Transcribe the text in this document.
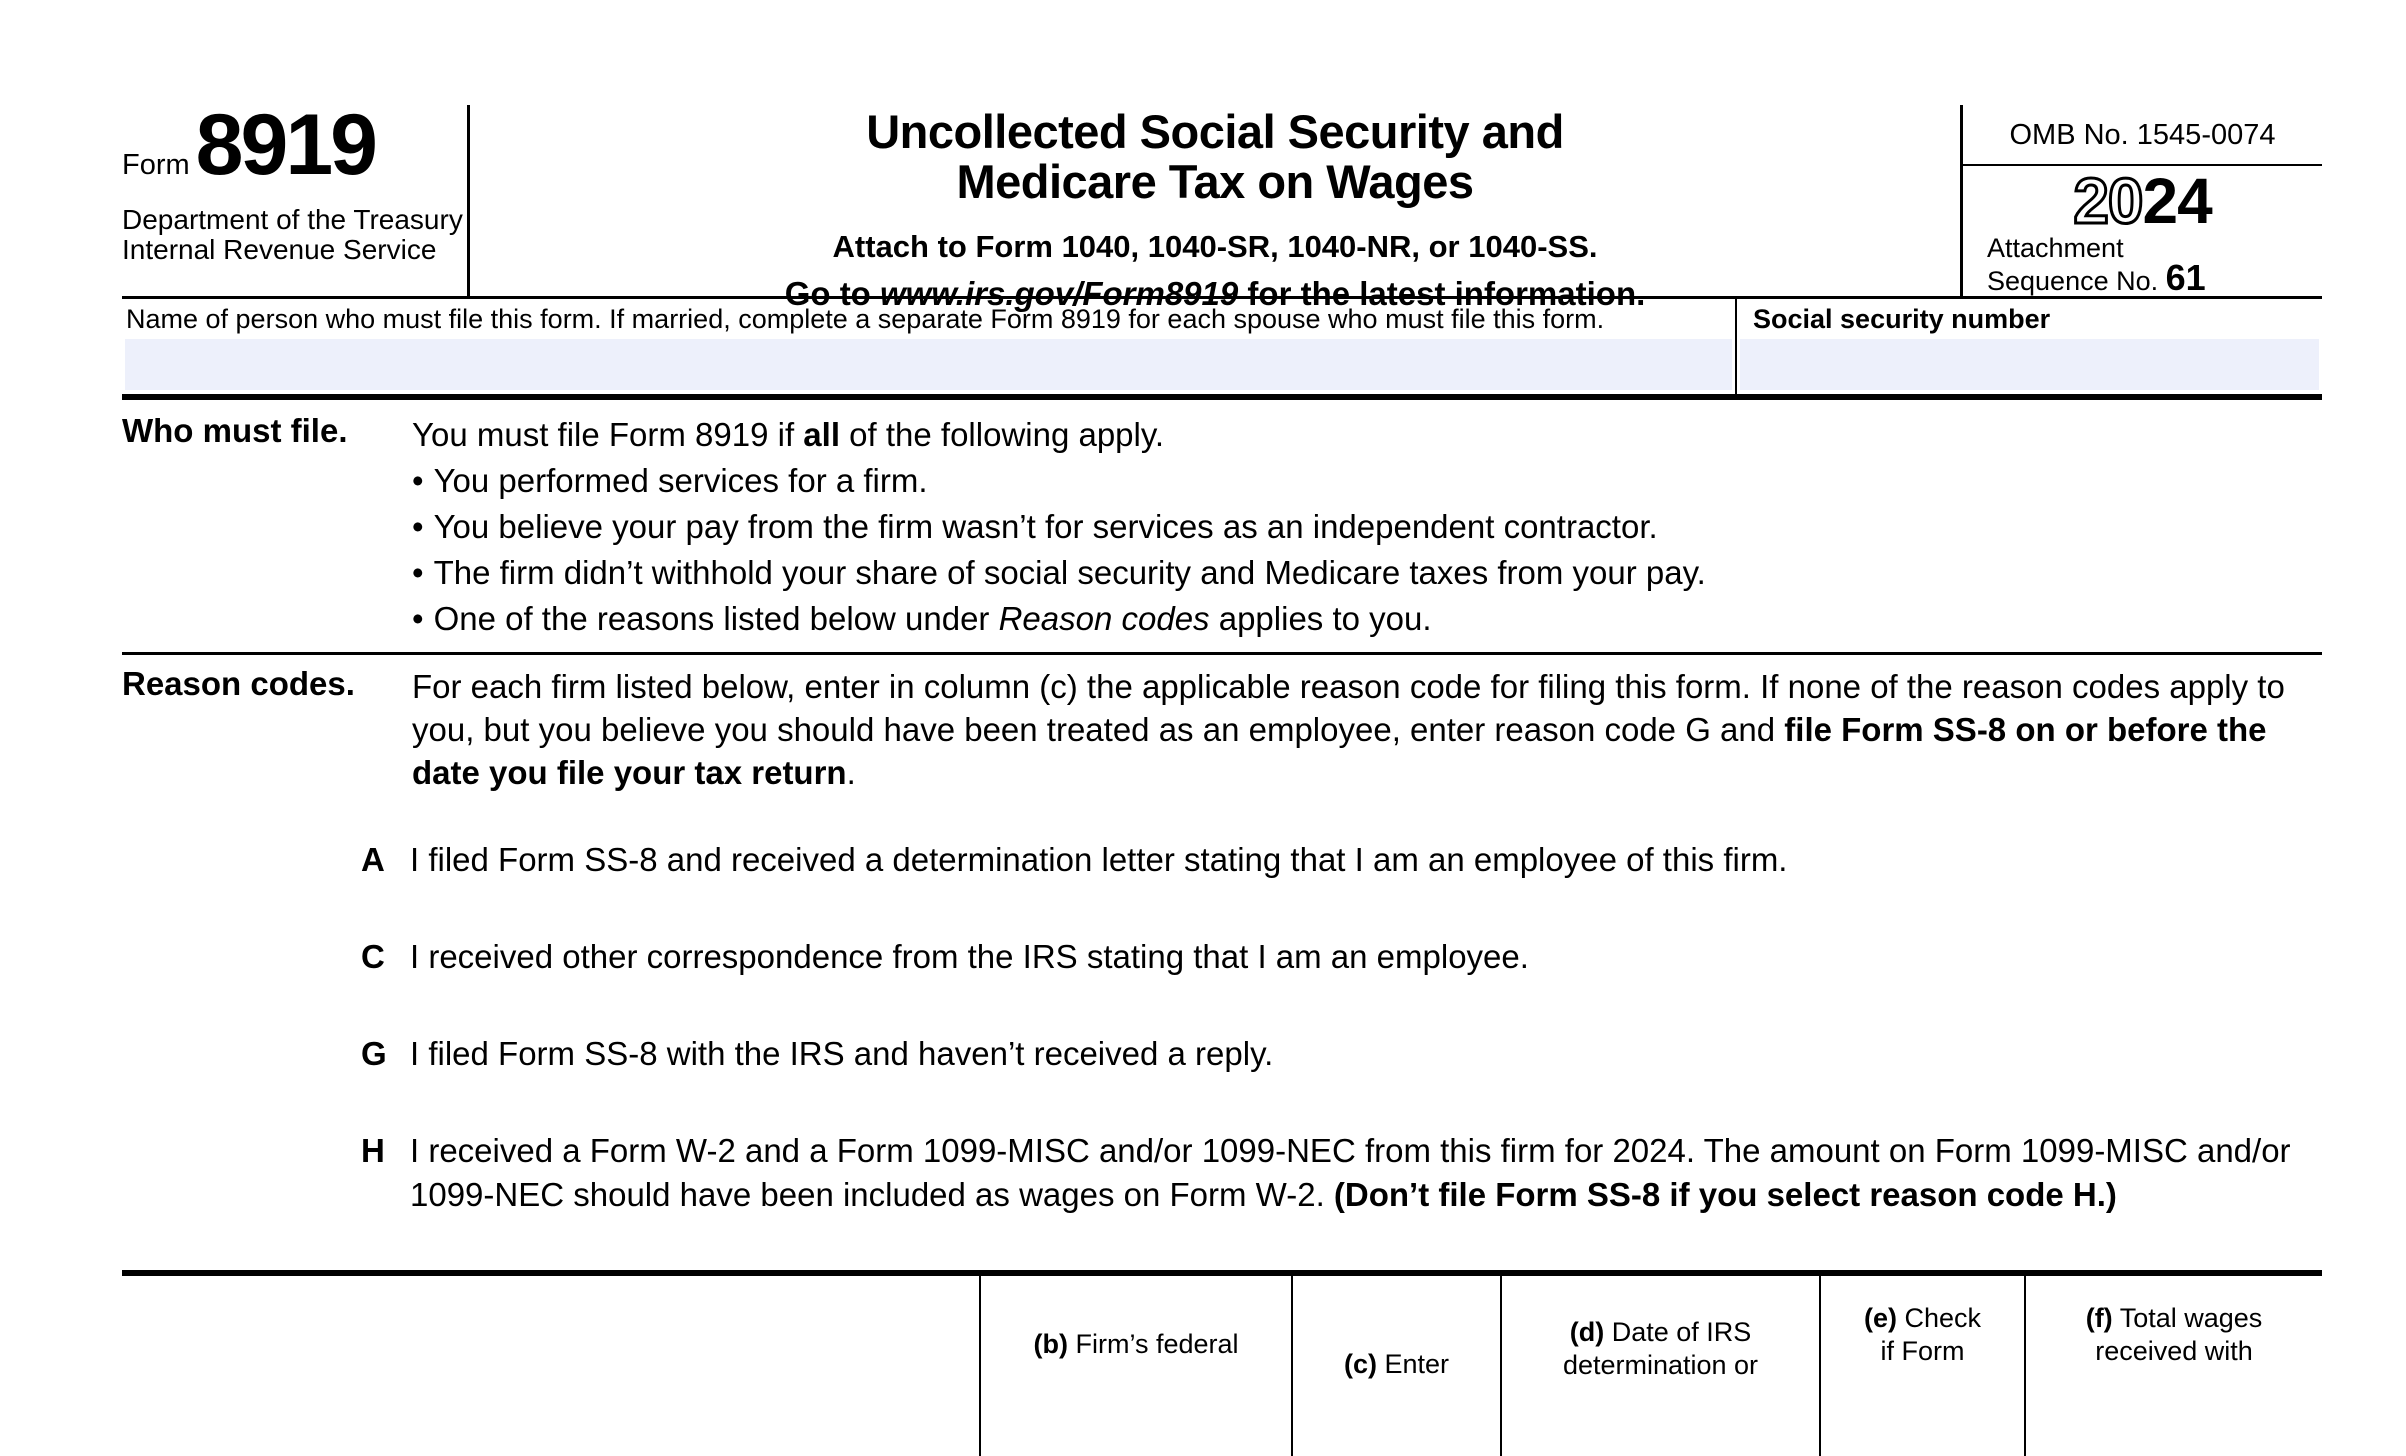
Form 8919
Department of the Treasury
Internal Revenue Service
Uncollected Social Security and
Medicare Tax on Wages
Attach to Form 1040, 1040-SR, 1040-NR, or 1040-SS.
Go to www.irs.gov/Form8919 for the latest information.
OMB No. 1545-0074
2024
Attachment
Sequence No. 61
Name of person who must file this form. If married, complete a separate Form 8919 for each spouse who must file this form.	Social security number
Who must file.	You must file Form 8919 if all of the following apply.
• You performed services for a firm.
• You believe your pay from the firm wasn’t for services as an independent contractor.
• The firm didn’t withhold your share of social security and Medicare taxes from your pay.
• One of the reasons listed below under Reason codes applies to you.
Reason codes.	For each firm listed below, enter in column (c) the applicable reason code for filing this form. If none of the reason codes apply to you, but you believe you should have been treated as an employee, enter reason code G and file Form SS-8 on or before the date you file your tax return.
A I filed Form SS-8 and received a determination letter stating that I am an employee of this firm.
C I received other correspondence from the IRS stating that I am an employee.
G I filed Form SS-8 with the IRS and haven’t received a reply.
H I received a Form W-2 and a Form 1099-MISC and/or 1099-NEC from this firm for 2024. The amount on Form 1099-MISC and/or 1099-NEC should have been included as wages on Form W-2. (Don’t file Form SS-8 if you select reason code H.)
(b) Firm’s federal
(c) Enter
(d) Date of IRS
determination or
(e) Check
if Form
(f) Total wages
received with
